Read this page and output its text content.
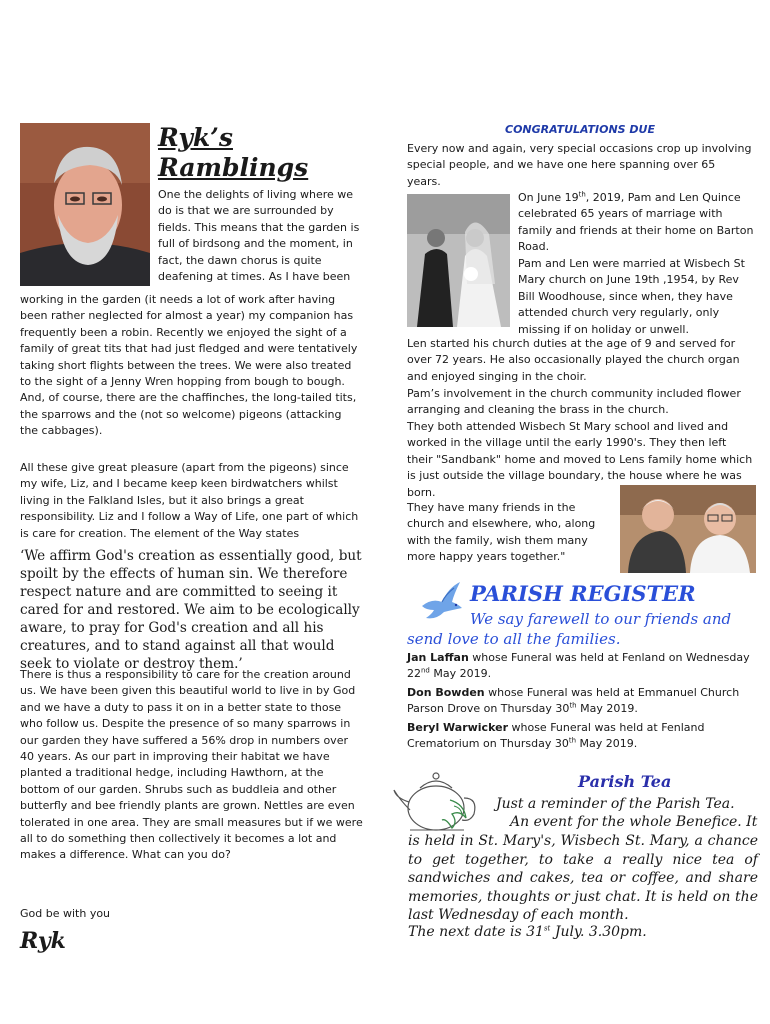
Ryk’s
Ramblings

One the delights of living where we do is that we are surrounded by fields. This means that the garden is full of birdsong and the moment, in fact, the dawn chorus is quite deafening at times. As I have been

working in the garden (it needs a lot of work after having been rather neglected for almost a year) my companion has frequently been a robin. Recently we enjoyed the sight of a family of great tits that had just fledged and were tentatively taking short flights between the trees. We were also treated to the sight of a Jenny Wren hopping from bough to bough. And, of course, there are the chaffinches, the long-tailed tits, the sparrows and the (not so welcome) pigeons (attacking the cabbages).

All these give great pleasure (apart from the pigeons) since my wife, Liz, and I became keep keen birdwatchers whilst living in the Falkland Isles, but it also brings a great responsibility. Liz and I follow a Way of Life, one part of which is care for creation. The element of the Way states

‘We affirm God's creation as essentially good, but spoilt by the effects of human sin. We therefore respect nature and are committed to seeing it cared for and restored. We aim to be ecologically aware, to pray for God's creation and all his creatures, and to stand against all that would seek to violate or destroy them.’

There is thus a responsibility to care for the creation around us. We have been given this beautiful world to live in by God and we have a duty to pass it on in a better state to those who follow us. Despite the presence of so many sparrows in our garden they have suffered a 56% drop in numbers over 40 years. As our part in improving their habitat we have planted a traditional hedge, including Hawthorn, at the bottom of our garden. Shrubs such as buddleia and other butterfly and bee friendly plants are grown. Nettles are even tolerated in one area. They are small measures but if we were all to do something then collectively it becomes a lot and makes a difference. What can you do?

God be with you

Ryk

CONGRATULATIONS DUE

Every now and again, very special occasions crop up involving special people, and we have one here spanning over 65 years.

On June 19th, 2019, Pam and Len Quince celebrated 65 years of marriage with family and friends at their home on Barton Road.

Pam and Len were married at Wisbech St Mary church on June 19th ,1954, by Rev Bill Woodhouse, since when, they have attended church very regularly, only missing if on holiday or unwell.

Len started his church duties at the age of 9 and served for over 72 years. He also occasionally played the church organ and enjoyed singing in the choir.

Pam’s involvement in the church community included flower arranging and cleaning the brass in the church.

They both attended Wisbech St Mary school and lived and worked in the village until the early 1990's. They then left their "Sandbank" home and moved to Lens family home which is just outside the village boundary, the house where he was born.

They have many friends in the church and elsewhere, who, along with the family, wish them many more happy years together."

PARISH REGISTER

We say farewell to our friends and

send love to all the families.

Jan Laffan whose Funeral was held at Fenland on Wednesday 22nd May 2019.

Don Bowden whose Funeral was held at Emmanuel Church Parson Drove on Thursday 30th May 2019.

Beryl Warwicker whose Funeral was held at Fenland Crematorium on Thursday 30th May 2019.

Parish Tea

Just a reminder of the Parish Tea.

An event for the whole Benefice. It

is held in St. Mary's, Wisbech St. Mary, a chance to get together, to take a really nice tea of sandwiches and cakes, tea or coffee, and share memories, thoughts or just chat. It is held on the last Wednesday of each month.

The next date is 31st July. 3.30pm.
